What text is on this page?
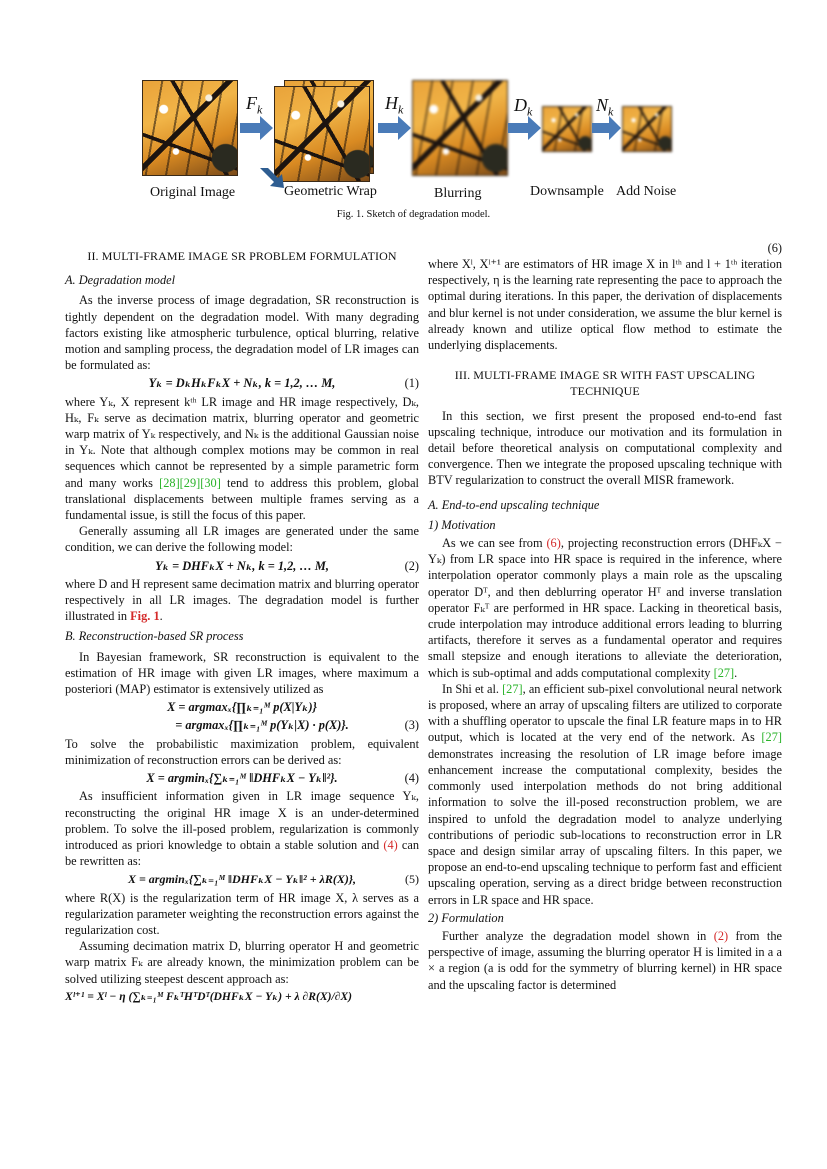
$F_k$	$H_k$	$D_k$	$N_k$
Original Image	Geometric Wrap	Blurring	Downsample Add Noise
Fig. 1. Sketch of degradation model.
II. MULTI-FRAME IMAGE SR PROBLEM FORMULATION
A. Degradation model

As the inverse process of image degradation, SR reconstruction is tightly dependent on the degradation model. With many degrading factors existing like atmospheric turbulence, optical blurring, relative motion and sampling process, the degradation model of LR images can be formulated as:

Yₖ = DₖHₖFₖX + Nₖ, k = 1,2, … M,	(1)

where Yₖ, X represent kᵗʰ LR image and HR image respectively, Dₖ, Hₖ, Fₖ serve as decimation matrix, blurring operator and geometric warp matrix of Yₖ respectively, and Nₖ is the additional Gaussian noise in Yₖ. Note that although complex motions may be common in real sequences which cannot be represented by a simple parametric form and many works [28][29][30] tend to address this problem, global translational displacements between multiple frames serving as a fundamental issue, is still the focus of this paper.

Generally assuming all LR images are generated under the same condition, we can derive the following model:

Yₖ = DHFₖX + Nₖ, k = 1,2, … M,	(2)

where D and H represent same decimation matrix and blurring operator respectively in all LR images. The degradation model is further illustrated in Fig. 1.

B. Reconstruction-based SR process

In Bayesian framework, SR reconstruction is equivalent to the estimation of HR image with given LR images, where maximum a posteriori (MAP) estimator is extensively utilized as

X = argmaxₓ{∏ₖ₌₁ᴹ p(X|Yₖ)}
= argmaxₓ{∏ₖ₌₁ᴹ p(Yₖ|X) · p(X)}.	(3)

To solve the probabilistic maximization problem, equivalent minimization of reconstruction errors can be derived as:

X = argminₓ{∑ₖ₌₁ᴹ ‖DHFₖX − Yₖ‖²}.	(4)

As insufficient information given in LR image sequence Yₖ, reconstructing the original HR image X is an under-determined problem. To solve the ill-posed problem, regularization is commonly introduced as priori knowledge to obtain a stable solution and (4) can be rewritten as:

X = argminₓ{∑ₖ₌₁ᴹ ‖DHFₖX − Yₖ‖² + λR(X)},	(5)

where R(X) is the regularization term of HR image X, λ serves as a regularization parameter weighting the reconstruction errors against the regularization cost.

Assuming decimation matrix D, blurring operator H and geometric warp matrix Fₖ are already known, the minimization problem can be solved utilizing steepest descent approach as:

Xˡ⁺¹ = Xˡ − η (∑ₖ₌₁ᴹ FₖᵀHᵀDᵀ(DHFₖX − Yₖ) + λ ∂R(X)/∂X)
(6)

where Xˡ, Xˡ⁺¹ are estimators of HR image X in lᵗʰ and l + 1ᵗʰ iteration respectively, η is the learning rate representing the pace to approach the optimal during iterations. In this paper, the derivation of displacements and blur kernel is not under consideration, we assume the blur kernel is already known and utilize optical flow method to estimate the underlying displacements.

III. MULTI-FRAME IMAGE SR WITH FAST UPSCALING TECHNIQUE

In this section, we first present the proposed end-to-end fast upscaling technique, introduce our motivation and its formulation in detail before theoretical analysis on computational complexity and convergence. Then we integrate the proposed upscaling technique with BTV regularization to construct the overall MISR framework.

A. End-to-end upscaling technique
1) Motivation

As we can see from (6), projecting reconstruction errors (DHFₖX − Yₖ) from LR space into HR space is required in the inference, where interpolation operator commonly plays a main role as the upscaling operator Dᵀ, and then deblurring operator Hᵀ and inverse translation operator Fₖᵀ are performed in HR space. Lacking in theoretical basis, crude interpolation may introduce additional errors leading to blurring artifacts, therefore it serves as a fundamental operator and requires small stepsize and enough iterations to alleviate the deterioration, which is sub-optimal and adds computational complexity [27].

In Shi et al. [27], an efficient sub-pixel convolutional neural network is proposed, where an array of upscaling filters are utilized to corporate with a shuffling operator to upscale the final LR feature maps in to HR output, which is located at the very end of the network. As [27] demonstrates increasing the resolution of LR image before image enhancement increase the computational complexity, besides the commonly used interpolation methods do not bring additional information to solve the ill-posed reconstruction problem, we are inspired to unfold the degradation model to analyze underlying contributions of periodic sub-locations to reconstruction error in LR space and design similar array of upscaling filters. In this paper, we propose an end-to-end upscaling technique to perform fast and efficient upscaling operation, serving as a direct bridge between reconstruction errors in LR space and HR space.

2) Formulation

Further analyze the degradation model shown in (2) from the perspective of image, assuming the blurring operator H is limited in a a × a region (a is odd for the symmetry of blurring kernel) in HR space and the upscaling factor is determined
